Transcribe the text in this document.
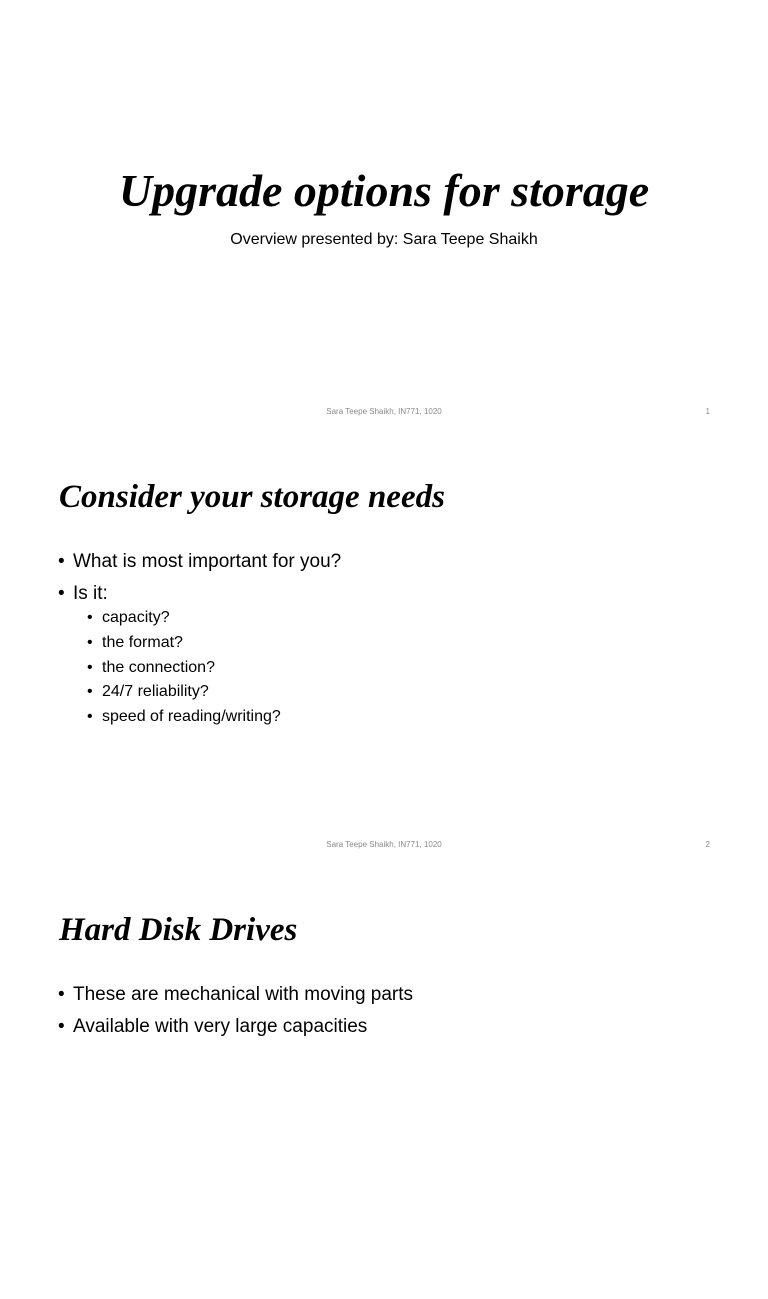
Upgrade options for storage

Overview presented by: Sara Teepe Shaikh

Sara Teepe Shaikh, IN771, 1020	1
Consider your storage needs
• What is most important for you?
• Is it:
• capacity?
• the format?
• the connection?
• 24/7 reliability?
• speed of reading/writing?
Sara Teepe Shaikh, IN771, 1020	2
Hard Disk Drives
• These are mechanical with moving parts
• Available with very large capacities
